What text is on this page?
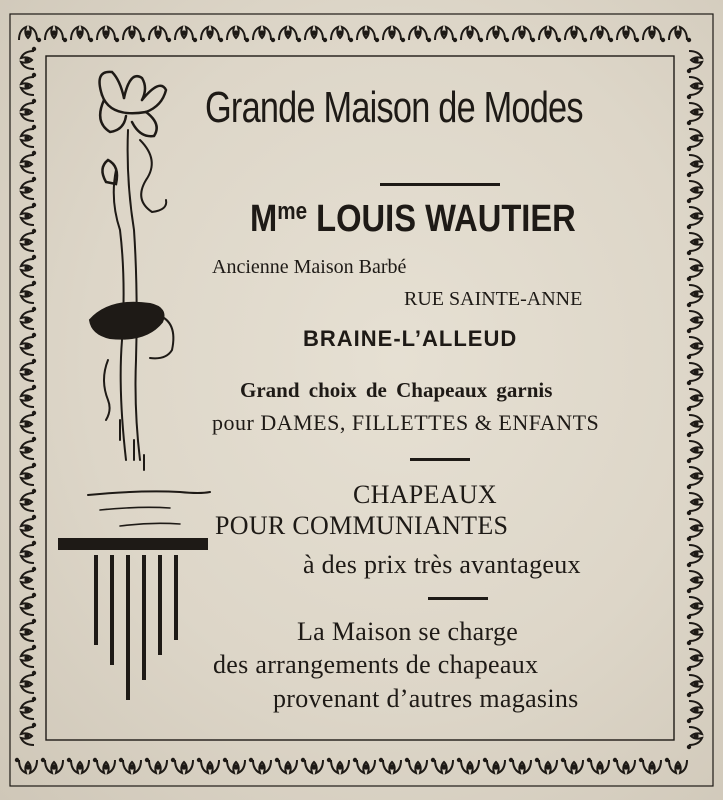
Grande Maison de Modes
$M^{me}$ LOUIS WAUTIER
Ancienne Maison Barbé
RUE SAINTE-ANNE
BRAINE-L’ALLEUD
Grand choix de Chapeaux garnis
pour DAMES, FILLETTES & ENFANTS
CHAPEAUX
POUR COMMUNIANTES
à des prix très avantageux
La Maison se charge
des arrangements de chapeaux
provenant d’autres magasins
